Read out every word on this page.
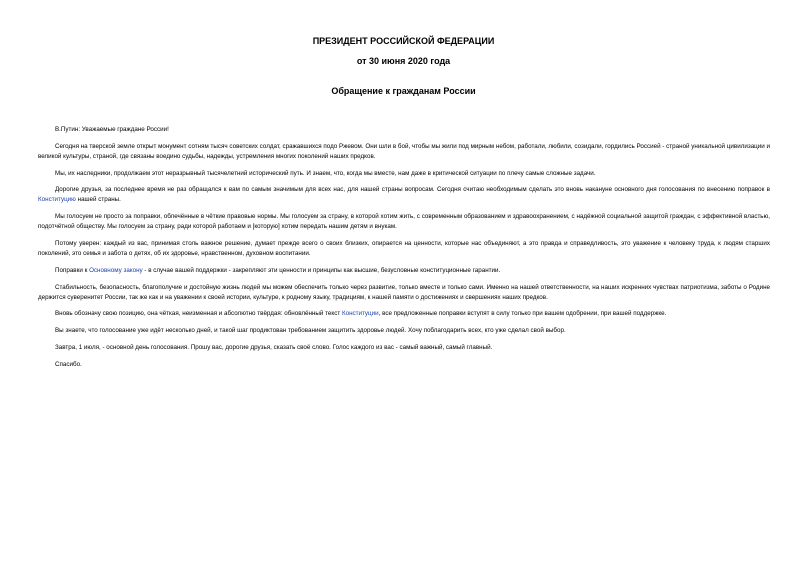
ПРЕЗИДЕНТ РОССИЙСКОЙ ФЕДЕРАЦИИ
от 30 июня 2020 года
Обращение к гражданам России

В.Путин: Уважаемые граждане России!

Сегодня на тверской земле открыт монумент сотням тысяч советских солдат, сражавшихся подо Ржевом. Они шли в бой, чтобы мы жили под мирным небом, работали, любили, созидали, гордились Россией - страной уникальной цивилизации и великой культуры, страной, где связаны воедино судьбы, надежды, устремления многих поколений наших предков.

Мы, их наследники, продолжаем этот неразрывный тысячелетний исторический путь. И знаем, что, когда мы вместе, нам даже в критической ситуации по плечу самые сложные задачи.

Дорогие друзья, за последнее время не раз обращался к вам по самым значимым для всех нас, для нашей страны вопросам. Сегодня считаю необходимым сделать это вновь накануне основного дня голосования по внесению поправок в Конституцию нашей страны.

Мы голосуем не просто за поправки, облечённые в чёткие правовые нормы. Мы голосуем за страну, в которой хотим жить, с современным образованием и здравоохранением, с надёжной социальной защитой граждан, с эффективной властью, подотчётной обществу. Мы голосуем за страну, ради которой работаем и [которую] хотим передать нашим детям и внукам.

Потому уверен: каждый из вас, принимая столь важное решение, думает прежде всего о своих близких, опирается на ценности, которые нас объединяют, а это правда и справедливость, это уважение к человеку труда, к людям старших поколений, это семья и забота о детях, об их здоровье, нравственном, духовном воспитании.

Поправки к Основному закону - в случае вашей поддержки - закрепляют эти ценности и принципы как высшие, безусловные конституционные гарантии.

Стабильность, безопасность, благополучие и достойную жизнь людей мы можем обеспечить только через развитие, только вместе и только сами. Именно на нашей ответственности, на наших искренних чувствах патриотизма, заботы о Родине держится суверенитет России, так же как и на уважении к своей истории, культуре, к родному языку, традициям, к нашей памяти о достижениях и свершениях наших предков.

Вновь обозначу свою позицию, она чёткая, неизменная и абсолютно твёрдая: обновлённый текст Конституции, все предложенные поправки вступят в силу только при вашем одобрении, при вашей поддержке.

Вы знаете, что голосование уже идёт несколько дней, и такой шаг продиктован требованием защитить здоровье людей. Хочу поблагодарить всех, кто уже сделал свой выбор.

Завтра, 1 июля, - основной день голосования. Прошу вас, дорогие друзья, сказать своё слово. Голос каждого из вас - самый важный, самый главный.

Спасибо.
